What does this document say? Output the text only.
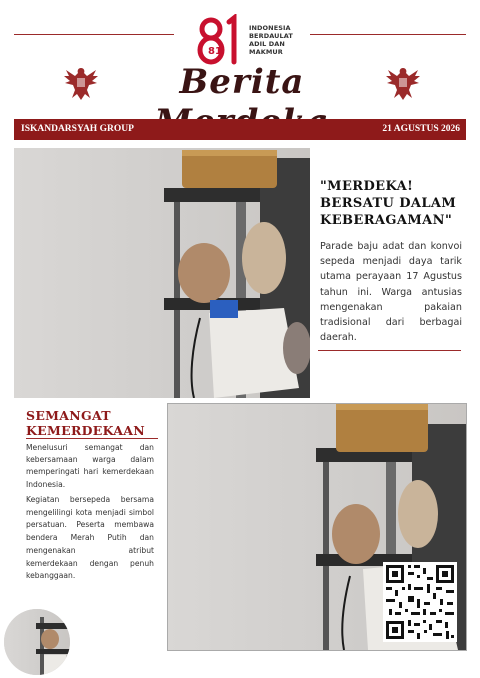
81
INDONESIA
BERDAULAT
ADIL DAN
MAKMUR
Berita
ISKANDARSYAH GROUP	21 AGUSTUS 2026
"MERDEKA! BERSATU DALAM KEBERAGAMAN"
Parade baju adat dan konvoi sepeda menjadi daya tarik utama perayaan 17 Agustus tahun ini. Warga antusias mengenakan pakaian tradisional dari berbagai daerah.
SEMANGAT KEMERDEKAAN
Menelusuri semangat dan kebersamaan warga dalam memperingati hari kemerdekaan Indonesia.
Kegiatan bersepeda bersama mengelilingi kota menjadi simbol persatuan. Peserta membawa bendera Merah Putih dan mengenakan atribut kemerdekaan dengan penuh kebanggaan.
